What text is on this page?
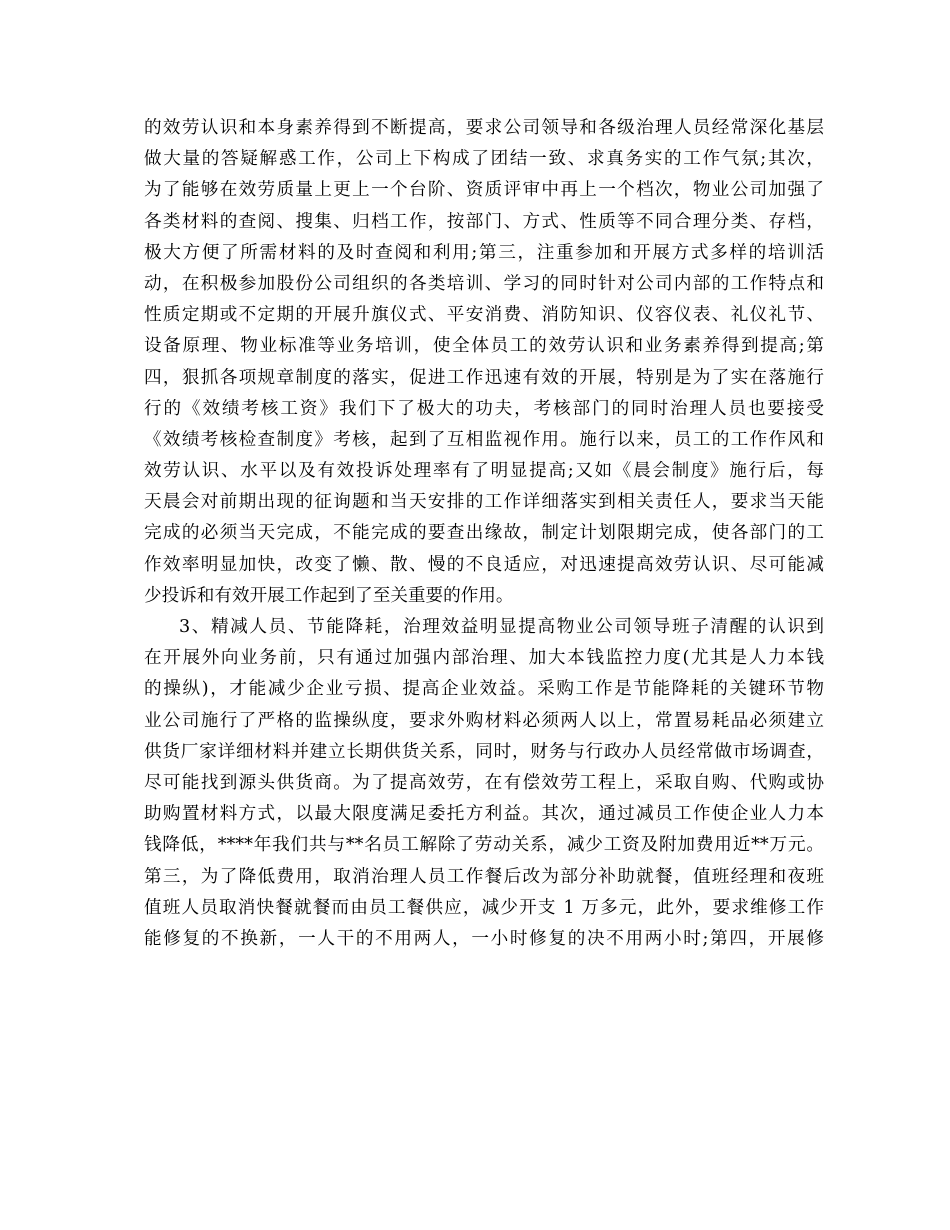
的效劳认识和本身素养得到不断提高，要求公司领导和各级治理人员经常深化基层
做大量的答疑解惑工作，公司上下构成了团结一致、求真务实的工作气氛;其次，
为了能够在效劳质量上更上一个台阶、资质评审中再上一个档次，物业公司加强了
各类材料的查阅、搜集、归档工作，按部门、方式、性质等不同合理分类、存档，
极大方便了所需材料的及时查阅和利用;第三，注重参加和开展方式多样的培训活
动，在积极参加股份公司组织的各类培训、学习的同时针对公司内部的工作特点和
性质定期或不定期的开展升旗仪式、平安消费、消防知识、仪容仪表、礼仪礼节、
设备原理、物业标准等业务培训，使全体员工的效劳认识和业务素养得到提高;第
四，狠抓各项规章制度的落实，促进工作迅速有效的开展，特别是为了实在落施行
行的《效绩考核工资》我们下了极大的功夫，考核部门的同时治理人员也要接受
《效绩考核检查制度》考核，起到了互相监视作用。施行以来，员工的工作作风和
效劳认识、水平以及有效投诉处理率有了明显提高;又如《晨会制度》施行后，每
天晨会对前期出现的征询题和当天安排的工作详细落实到相关责任人，要求当天能
完成的必须当天完成，不能完成的要查出缘故，制定计划限期完成，使各部门的工
作效率明显加快，改变了懒、散、慢的不良适应，对迅速提高效劳认识、尽可能减
少投诉和有效开展工作起到了至关重要的作用。
3、精减人员、节能降耗，治理效益明显提高物业公司领导班子清醒的认识到
在开展外向业务前，只有通过加强内部治理、加大本钱监控力度(尤其是人力本钱
的操纵)，才能减少企业亏损、提高企业效益。采购工作是节能降耗的关键环节物
业公司施行了严格的监操纵度，要求外购材料必须两人以上，常置易耗品必须建立
供货厂家详细材料并建立长期供货关系，同时，财务与行政办人员经常做市场调查，
尽可能找到源头供货商。为了提高效劳，在有偿效劳工程上，采取自购、代购或协
助购置材料方式，以最大限度满足委托方利益。其次，通过减员工作使企业人力本
钱降低，****年我们共与**名员工解除了劳动关系，减少工资及附加费用近**万元。
第三，为了降低费用，取消治理人员工作餐后改为部分补助就餐，值班经理和夜班
值班人员取消快餐就餐而由员工餐供应，减少开支 1 万多元，此外，要求维修工作
能修复的不换新，一人干的不用两人，一小时修复的决不用两小时;第四，开展修
